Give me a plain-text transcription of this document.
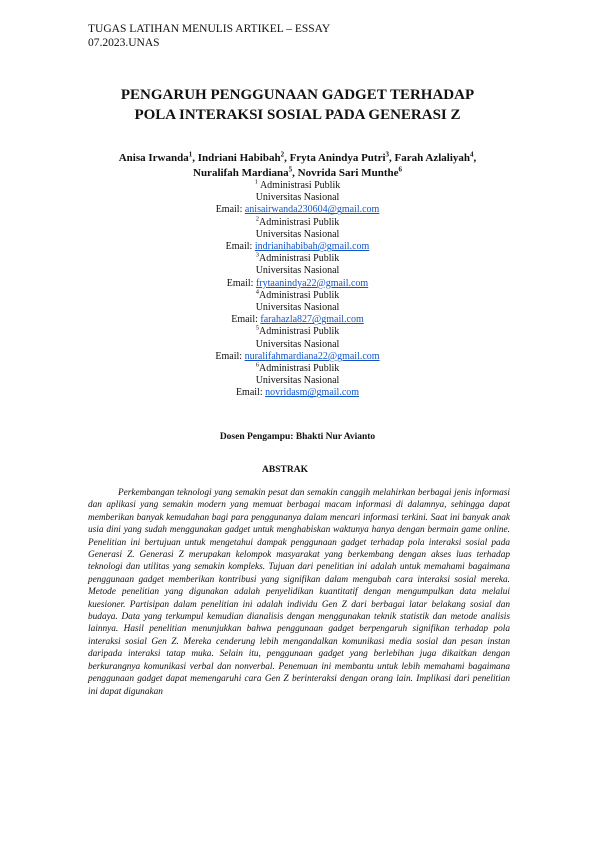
TUGAS LATIHAN MENULIS ARTIKEL – ESSAY
07.2023.UNAS
PENGARUH PENGGUNAAN GADGET TERHADAP
POLA INTERAKSI SOSIAL PADA GENERASI Z
Anisa Irwanda$^1$, Indriani Habibah$^2$, Fryta Anindya Putri$^3$, Farah Azlaliyah$^4$,
Nuralifah Mardiana$^5$, Novrida Sari Munthe$^6$
$^1$ Administrasi Publik
Universitas Nasional
Email: anisairwanda230604@gmail.com
$^2$Administrasi Publik
Universitas Nasional
Email: indrianihabibah@gmail.com
$^3$Administrasi Publik
Universitas Nasional
Email: frytaanindya22@gmail.com
$^4$Administrasi Publik
Universitas Nasional
Email: farahazla827@gmail.com
$^5$Administrasi Publik
Universitas Nasional
Email: nuralifahmardiana22@gmail.com
$^6$Administrasi Publik
Universitas Nasional
Email: novridasm@gmail.com
Dosen Pengampu: Bhakti Nur Avianto
ABSTRAK
Perkembangan teknologi yang semakin pesat dan semakin canggih melahirkan berbagai jenis informasi dan aplikasi yang semakin modern yang memuat berbagai macam informasi di dalamnya, sehingga dapat memberikan banyak kemudahan bagi para penggunanya dalam mencari informasi terkini. Saat ini banyak anak usia dini yang sudah menggunakan gadget untuk menghabiskan waktunya hanya dengan bermain game online. Penelitian ini bertujuan untuk mengetahui dampak penggunaan gadget terhadap pola interaksi sosial pada Generasi Z. Generasi Z merupakan kelompok masyarakat yang berkembang dengan akses luas terhadap teknologi dan utilitas yang semakin kompleks. Tujuan dari penelitian ini adalah untuk memahami bagaimana penggunaan gadget memberikan kontribusi yang signifikan dalam mengubah cara interaksi sosial mereka. Metode penelitian yang digunakan adalah penyelidikan kuantitatif dengan mengumpulkan data melalui kuesioner. Partisipan dalam penelitian ini adalah individu Gen Z dari berbagai latar belakang sosial dan budaya. Data yang terkumpul kemudian dianalisis dengan menggunakan teknik statistik dan metode analisis lainnya. Hasil penelitian menunjukkan bahwa penggunaan gadget berpengaruh signifikan terhadap pola interaksi sosial Gen Z. Mereka cenderung lebih mengandalkan komunikasi media sosial dan pesan instan daripada interaksi tatap muka. Selain itu, penggunaan gadget yang berlebihan juga dikaitkan dengan berkurangnya komunikasi verbal dan nonverbal. Penemuan ini membantu untuk lebih memahami bagaimana penggunaan gadget dapat memengaruhi cara Gen Z berinteraksi dengan orang lain. Implikasi dari penelitian ini dapat digunakan
